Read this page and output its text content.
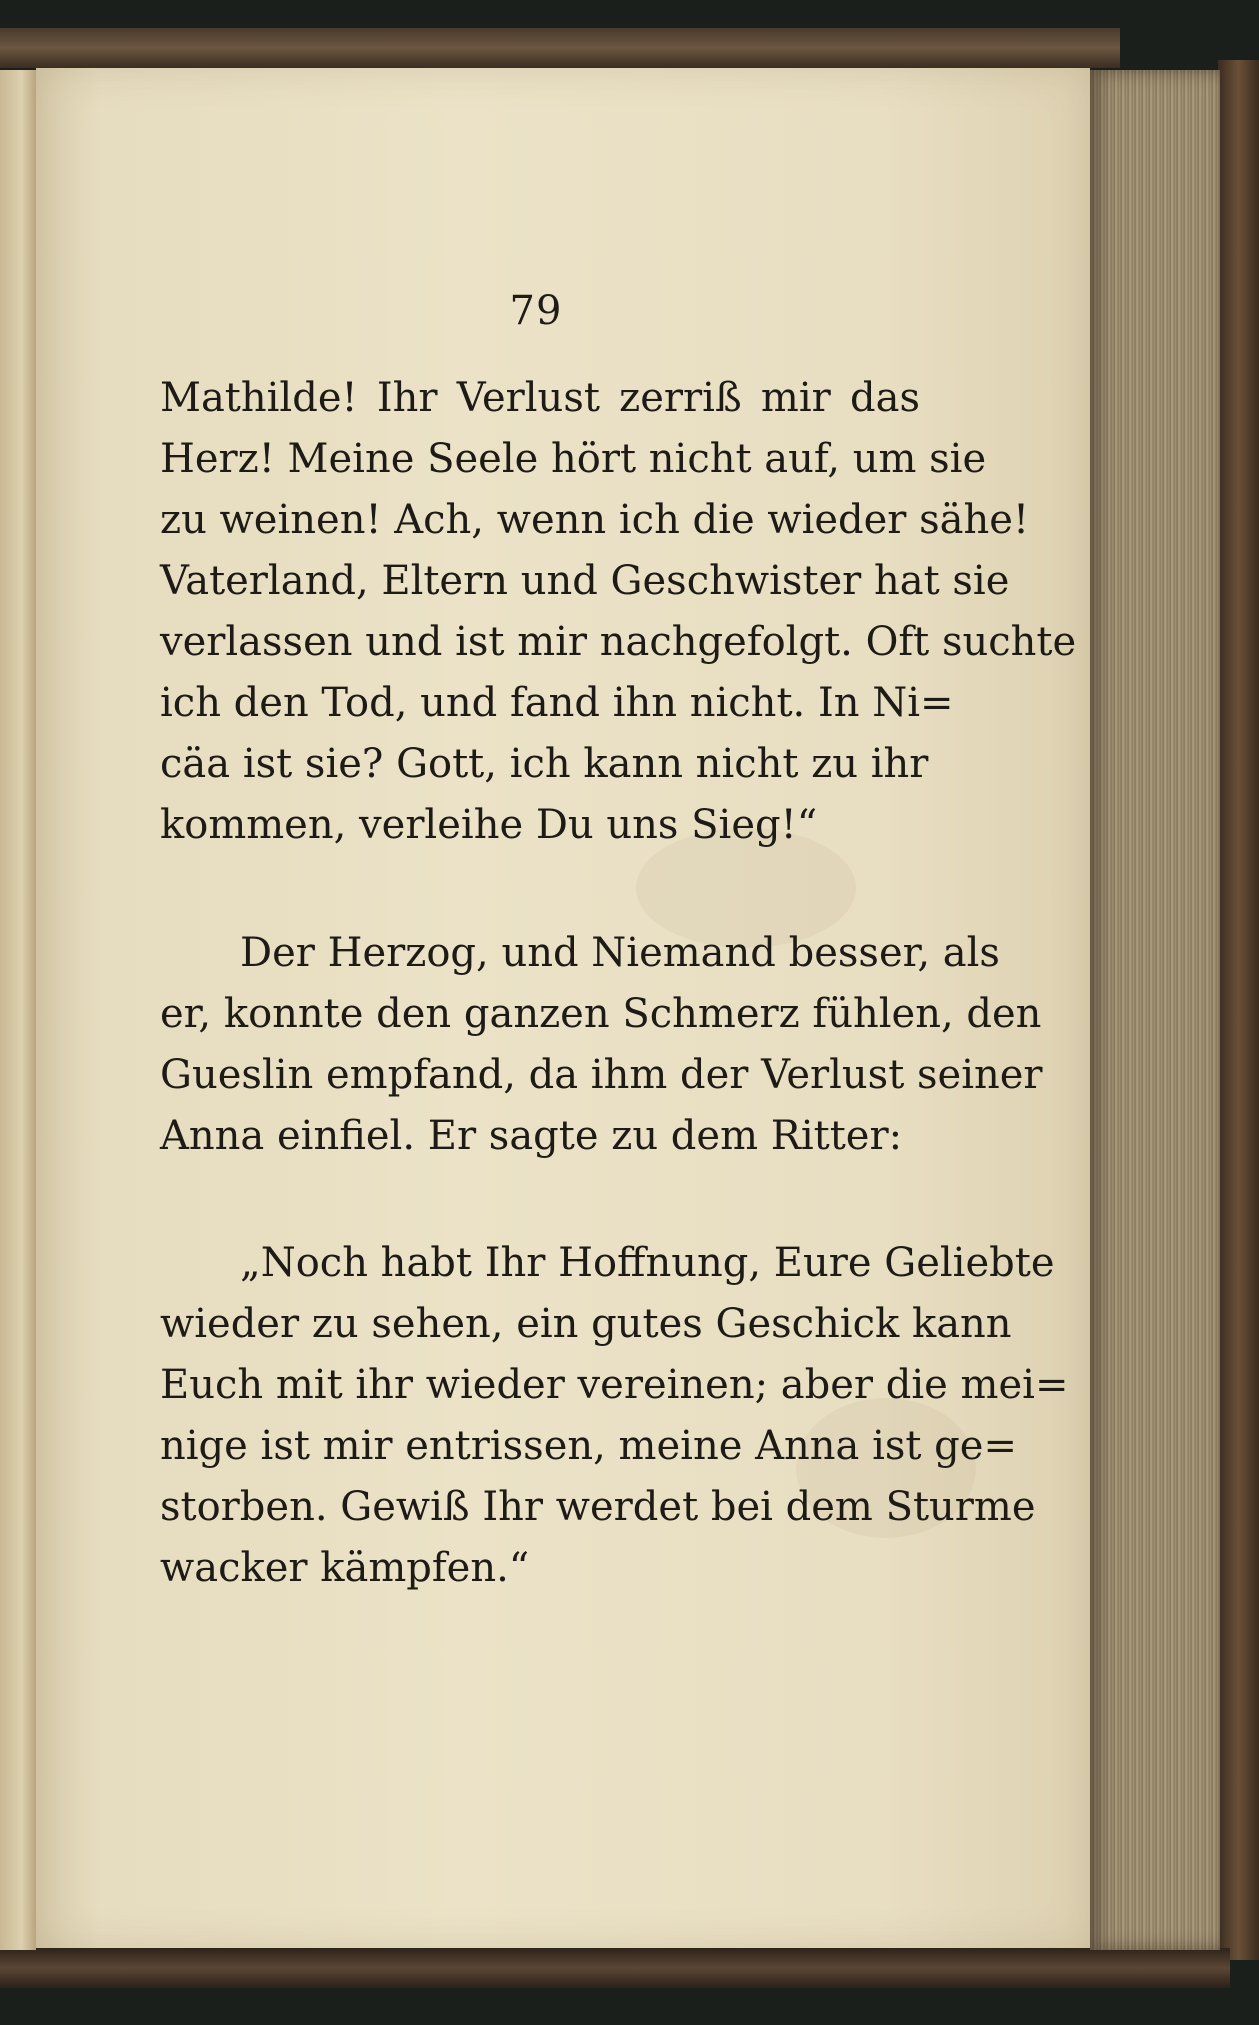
79
Mathilde! Ihr Verlust zerriß mir das
Herz! Meine Seele hört nicht auf, um sie
zu weinen! Ach, wenn ich die wieder sähe!
Vaterland, Eltern und Geschwister hat sie
verlassen und ist mir nachgefolgt. Oft suchte
ich den Tod, und fand ihn nicht. In Ni=
cäa ist sie? Gott, ich kann nicht zu ihr
kommen, verleihe Du uns Sieg!“
Der Herzog, und Niemand besser, als
er, konnte den ganzen Schmerz fühlen, den
Gueslin empfand, da ihm der Verlust seiner
Anna einfiel. Er sagte zu dem Ritter:
„Noch habt Ihr Hoffnung, Eure Geliebte
wieder zu sehen, ein gutes Geschick kann
Euch mit ihr wieder vereinen; aber die mei=
nige ist mir entrissen, meine Anna ist ge=
storben. Gewiß Ihr werdet bei dem Sturme
wacker kämpfen.“
